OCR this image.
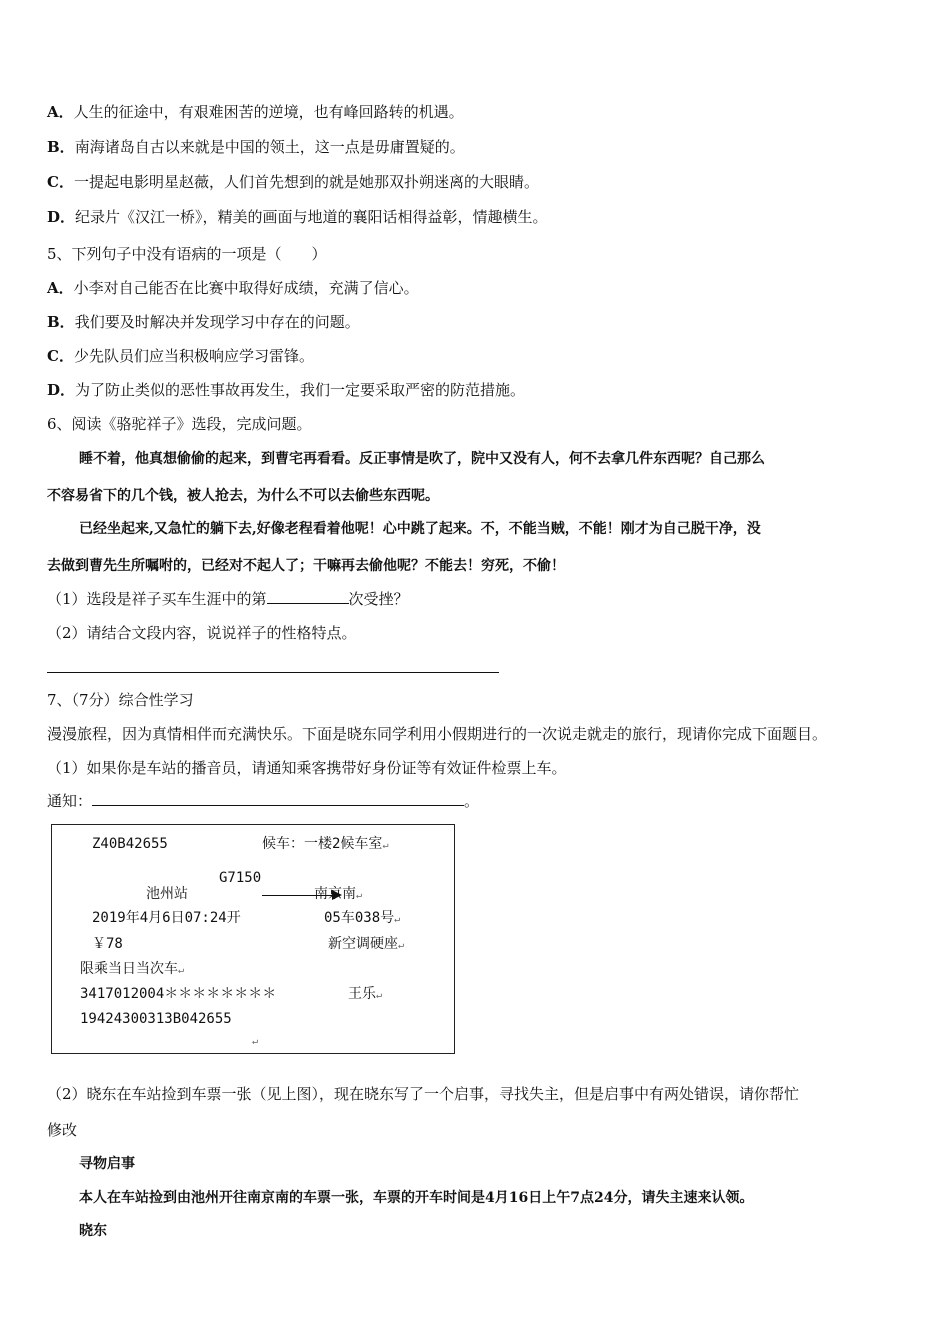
A．人生的征途中，有艰难困苦的逆境，也有峰回路转的机遇。
B．南海诸岛自古以来就是中国的领土，这一点是毋庸置疑的。
C．一提起电影明星赵薇，人们首先想到的就是她那双扑朔迷离的大眼睛。
D．纪录片《汉江一桥》，精美的画面与地道的襄阳话相得益彰，情趣横生。
5、下列句子中没有语病的一项是（　　）
A．小李对自己能否在比赛中取得好成绩，充满了信心。
B．我们要及时解决并发现学习中存在的问题。
C．少先队员们应当积极响应学习雷锋。
D．为了防止类似的恶性事故再发生，我们一定要采取严密的防范措施。
6、阅读《骆驼祥子》选段，完成问题。
睡不着，他真想偷偷的起来，到曹宅再看看。反正事情是吹了，院中又没有人，何不去拿几件东西呢？自己那么
不容易省下的几个钱，被人抢去，为什么不可以去偷些东西呢。
已经坐起来,又急忙的躺下去,好像老程看着他呢！心中跳了起来。不，不能当贼，不能！刚才为自己脱干净，没
去做到曹先生所嘱咐的，已经对不起人了；干嘛再去偷他呢？不能去！穷死，不偷！
（1）选段是祥子买车生涯中的第	次受挫？
（2）请结合文段内容，说说祥子的性格特点。
7、（7分）综合性学习
漫漫旅程，因为真情相伴而充满快乐。下面是晓东同学利用小假期进行的一次说走就走的旅行，现请你完成下面题目。
（1）如果你是车站的播音员，请通知乘客携带好身份证等有效证件检票上车。
通知：	。
Z40B42655	候车：一楼2候车室↵
G7150
池州站	南京南↵
2019年4月6日07:24开	05车038号↵
￥78	新空调硬座↵
限乘当日当次车↵
3417012004＊＊＊＊＊＊＊＊	王乐↵
19424300313B042655
↵
（2）晓东在车站捡到车票一张（见上图），现在晓东写了一个启事，寻找失主，但是启事中有两处错误，请你帮忙
修改
寻物启事
本人在车站捡到由池州开往南京南的车票一张，车票的开车时间是4月16日上午7点24分，请失主速来认领。
晓东
